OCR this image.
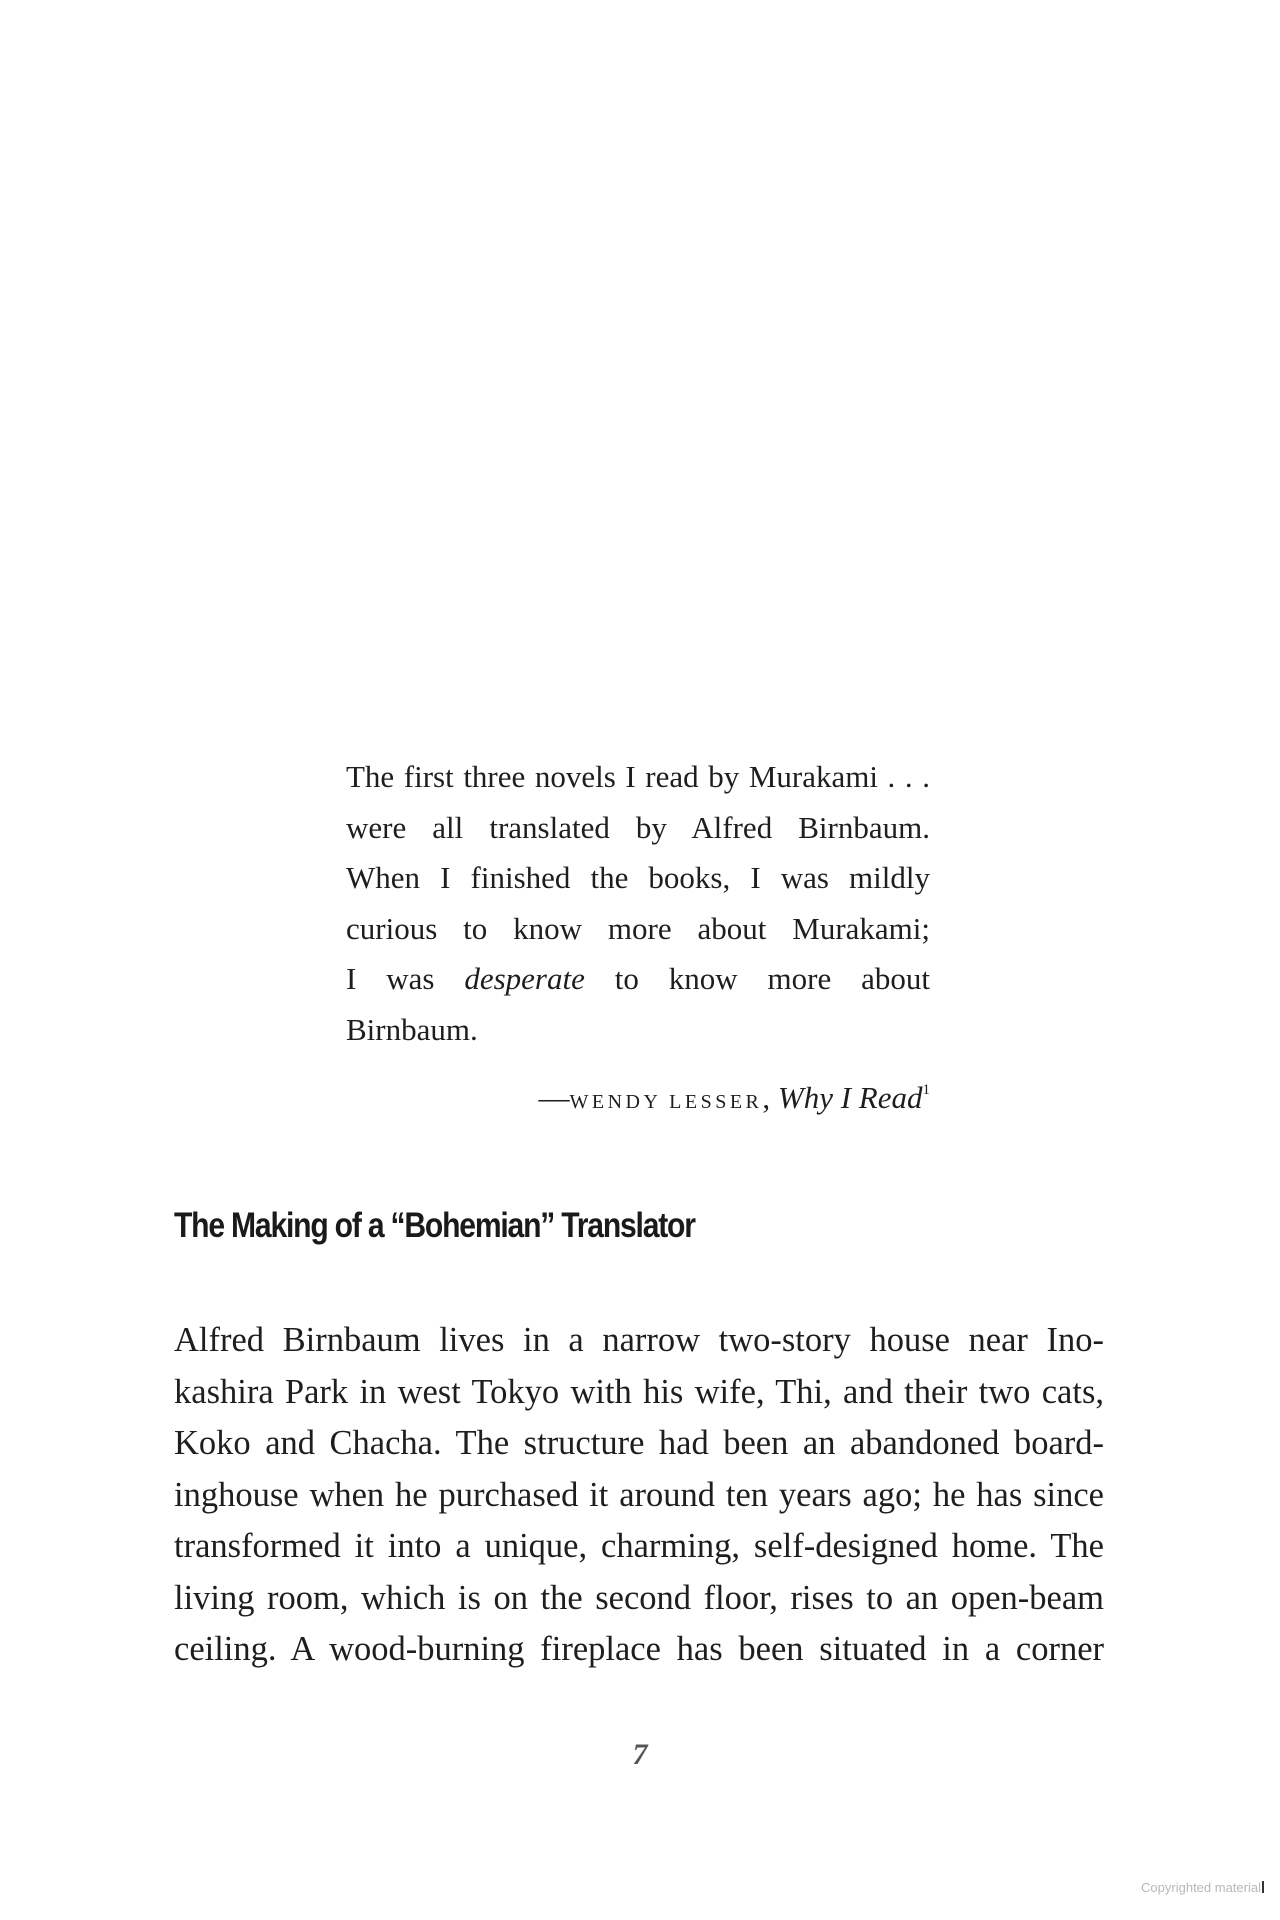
The first three novels I read by Murakami . . .
were all translated by Alfred Birnbaum.
When I finished the books, I was mildly
curious to know more about Murakami;
I was desperate to know more about
Birnbaum.
—WENDY LESSER, Why I Read$^1$
The Making of a “Bohemian” Translator
Alfred Birnbaum lives in a narrow two-story house near Ino-
kashira Park in west Tokyo with his wife, Thi, and their two cats,
Koko and Chacha. The structure had been an abandoned board-
inghouse when he purchased it around ten years ago; he has since
transformed it into a unique, charming, self-designed home. The
living room, which is on the second floor, rises to an open-beam
ceiling. A wood-burning fireplace has been situated in a corner
7
Copyrighted material
